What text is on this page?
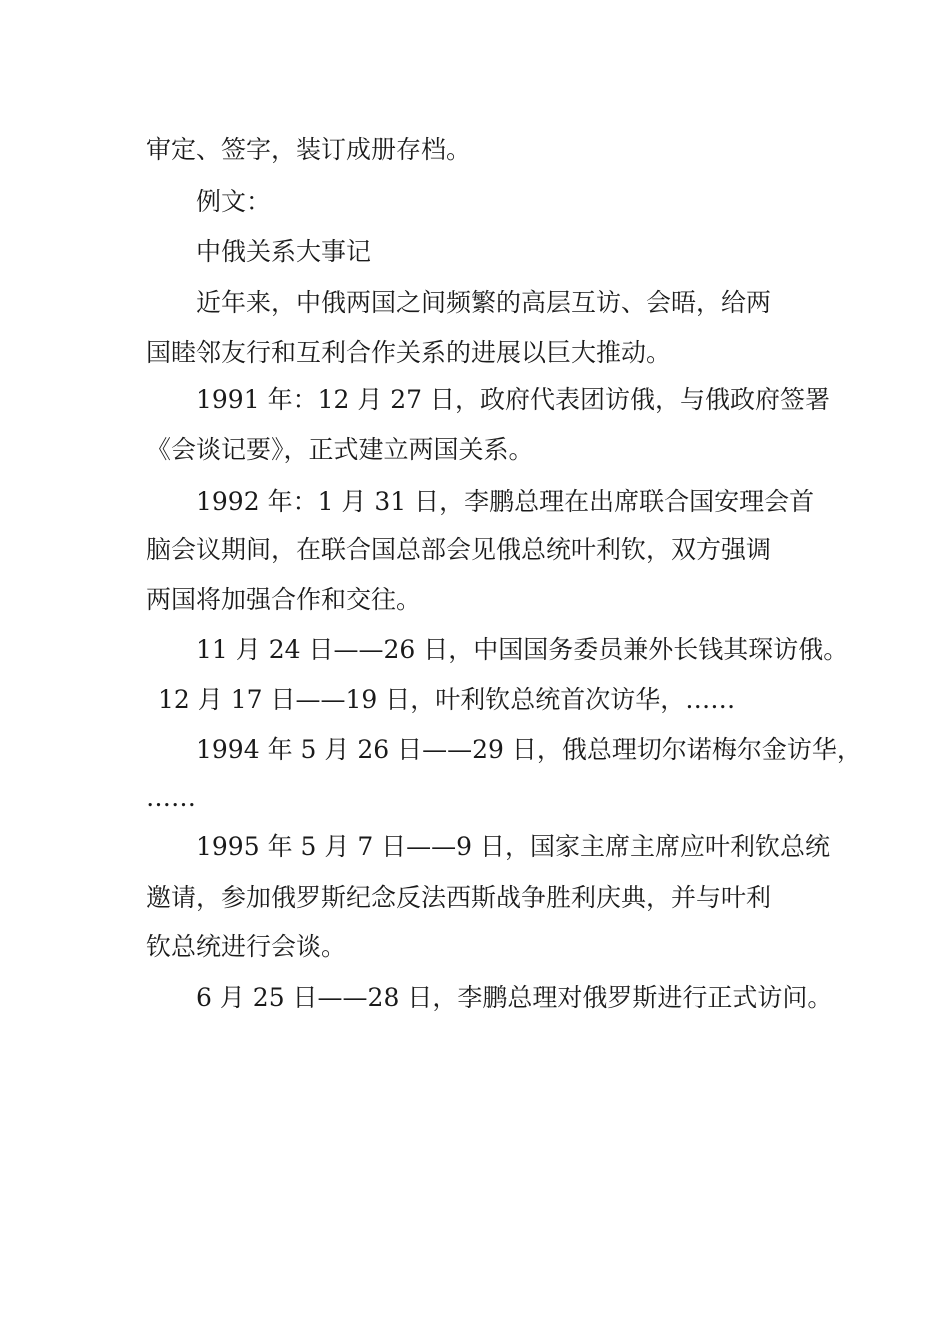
审定、签字，装订成册存档。
例文：
中俄关系大事记
近年来，中俄两国之间频繁的高层互访、会晤，给两
国睦邻友行和互利合作关系的进展以巨大推动。
1991 年：12 月 27 日，政府代表团访俄，与俄政府签署
《会谈记要》，正式建立两国关系。
1992 年：1 月 31 日，李鹏总理在出席联合国安理会首
脑会议期间，在联合国总部会见俄总统叶利钦，双方强调
两国将加强合作和交往。
11 月 24 日——26 日，中国国务委员兼外长钱其琛访俄。
12 月 17 日——19 日，叶利钦总统首次访华，……
1994 年 5 月 26 日——29 日，俄总理切尔诺梅尔金访华，
……
1995 年 5 月 7 日——9 日，国家主席主席应叶利钦总统
邀请，参加俄罗斯纪念反法西斯战争胜利庆典，并与叶利
钦总统进行会谈。
6 月 25 日——28 日，李鹏总理对俄罗斯进行正式访问。
